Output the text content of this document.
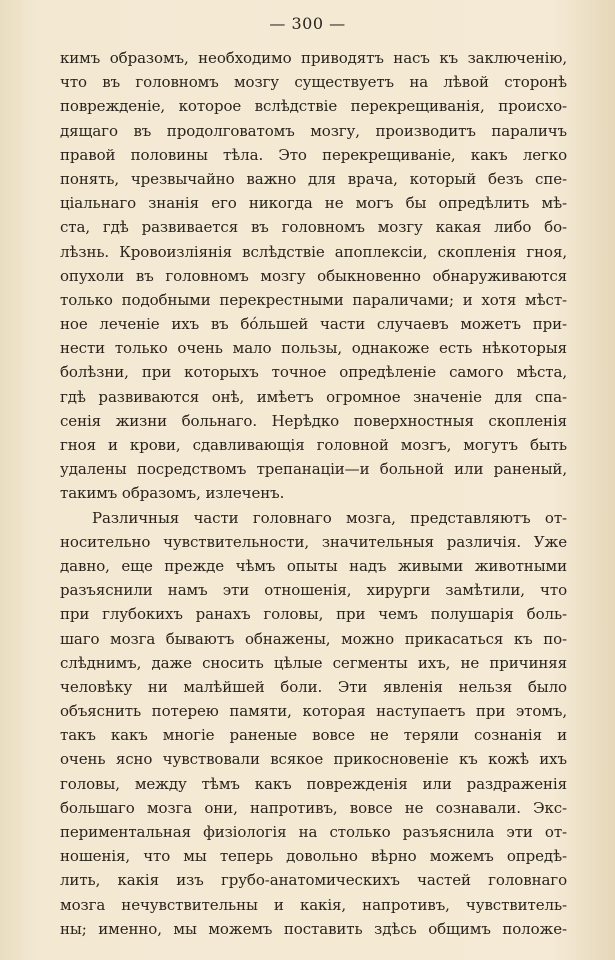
— 300 —
кимъ образомъ, необходимо приводятъ насъ къ заключенію,
что въ головномъ мозгу существуетъ на лѣвой сторонѣ
поврежденіе, которое вслѣдствіе перекрещиванія, происхо-
дящаго въ продолговатомъ мозгу, производитъ параличъ
правой половины тѣла. Это перекрещиваніе, какъ легко
понять, чрезвычайно важно для врача, который безъ спе-
ціальнаго знанія его никогда не могъ бы опредѣлить мѣ-
ста, гдѣ развивается въ головномъ мозгу какая либо бо-
лѣзнь. Кровоизліянія вслѣдствіе апоплексіи, скопленія гноя,
опухоли въ головномъ мозгу обыкновенно обнаруживаются
только подобными перекрестными параличами; и хотя мѣст-
ное леченіе ихъ въ бóльшей части случаевъ можетъ при-
нести только очень мало пользы, однакоже есть нѣкоторыя
болѣзни, при которыхъ точное опредѣленіе самого мѣста,
гдѣ развиваются онѣ, имѣетъ огромное значеніе для спа-
сенія жизни больнаго. Нерѣдко поверхностныя скопленія
гноя и крови, сдавливающія головной мозгъ, могутъ быть
удалены посредствомъ трепанаціи—и больной или раненый,
такимъ образомъ, излеченъ.
Различныя части головнаго мозга, представляютъ от-
носительно чувствительности, значительныя различія. Уже
давно, еще прежде чѣмъ опыты надъ живыми животными
разъяснили намъ эти отношенія, хирурги замѣтили, что
при глубокихъ ранахъ головы, при чемъ полушарія боль-
шаго мозга бываютъ обнажены, можно прикасаться къ по-
слѣднимъ, даже сносить цѣлые сегменты ихъ, не причиняя
человѣку ни малѣйшей боли. Эти явленія нельзя было
объяснить потерею памяти, которая наступаетъ при этомъ,
такъ какъ многіе раненые вовсе не теряли сознанія и
очень ясно чувствовали всякое прикосновеніе къ кожѣ ихъ
головы, между тѣмъ какъ поврежденія или раздраженія
большаго мозга они, напротивъ, вовсе не сознавали. Экс-
периментальная физіологія на столько разъяснила эти от-
ношенія, что мы теперь довольно вѣрно можемъ опредѣ-
лить, какія изъ грубо-анатомическихъ частей головнаго
мозга нечувствительны и какія, напротивъ, чувствитель-
ны; именно, мы можемъ поставить здѣсь общимъ положе-
